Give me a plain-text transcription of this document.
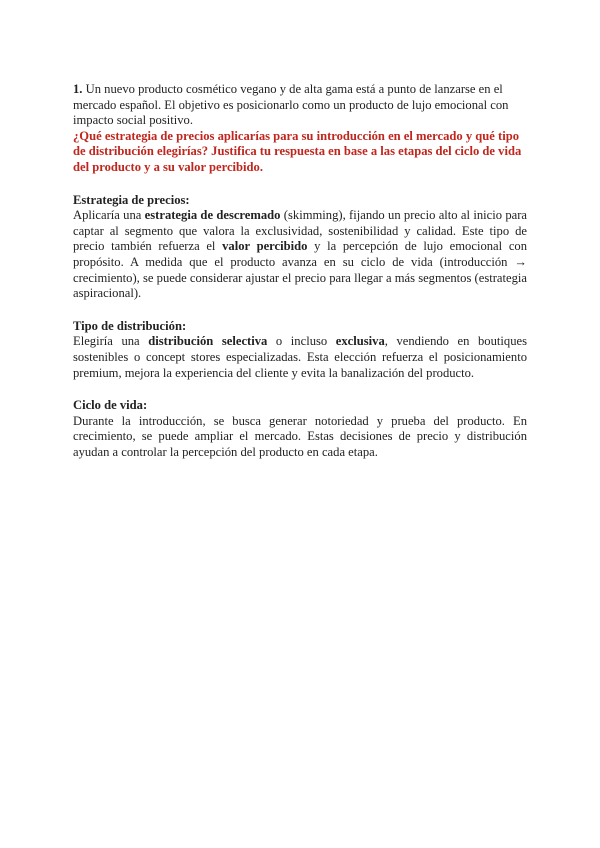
1. Un nuevo producto cosmético vegano y de alta gama está a punto de lanzarse en el mercado español. El objetivo es posicionarlo como un producto de lujo emocional con impacto social positivo.

¿Qué estrategia de precios aplicarías para su introducción en el mercado y qué tipo de distribución elegirías? Justifica tu respuesta en base a las etapas del ciclo de vida del producto y a su valor percibido.

Estrategia de precios:

Aplicaría una estrategia de descremado (skimming), fijando un precio alto al inicio para captar al segmento que valora la exclusividad, sostenibilidad y calidad. Este tipo de precio también refuerza el valor percibido y la percepción de lujo emocional con propósito. A medida que el producto avanza en su ciclo de vida (introducción → crecimiento), se puede considerar ajustar el precio para llegar a más segmentos (estrategia aspiracional).

Tipo de distribución:

Elegiría una distribución selectiva o incluso exclusiva, vendiendo en boutiques sostenibles o concept stores especializadas. Esta elección refuerza el posicionamiento premium, mejora la experiencia del cliente y evita la banalización del producto.

Ciclo de vida:

Durante la introducción, se busca generar notoriedad y prueba del producto. En crecimiento, se puede ampliar el mercado. Estas decisiones de precio y distribución ayudan a controlar la percepción del producto en cada etapa.
